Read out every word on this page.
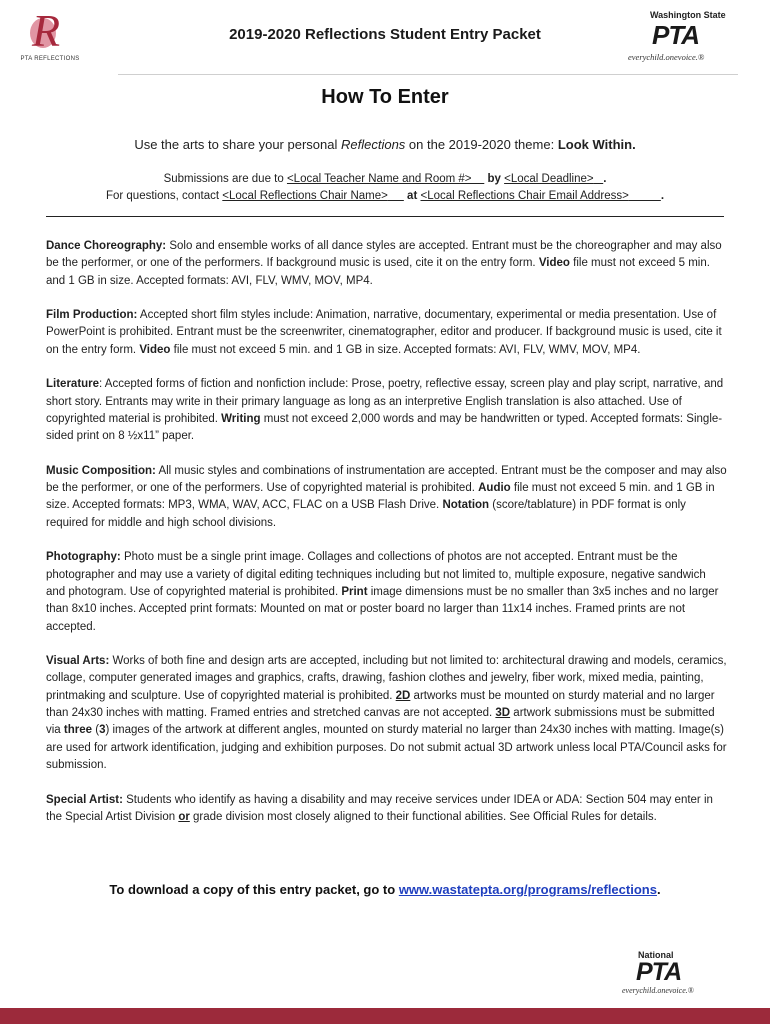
R
PTA REFLECTIONS
2019-2020 Reflections Student Entry Packet
Washington State
PTA
everychild.onevoice.®
How To Enter
Use the arts to share your personal Reflections on the 2019-2020 theme: Look Within.
Submissions are due to <Local Teacher Name and Room #> by <Local Deadline> .
For questions, contact <Local Reflections Chair Name> at <Local Reflections Chair Email Address>	.

Dance Choreography: Solo and ensemble works of all dance styles are accepted. Entrant must be the choreographer and may also be the performer, or one of the performers. If background music is used, cite it on the entry form. Video file must not exceed 5 min. and 1 GB in size. Accepted formats: AVI, FLV, WMV, MOV, MP4.

Film Production: Accepted short film styles include: Animation, narrative, documentary, experimental or media presentation. Use of PowerPoint is prohibited. Entrant must be the screenwriter, cinematographer, editor and producer. If background music is used, cite it on the entry form. Video file must not exceed 5 min. and 1 GB in size. Accepted formats: AVI, FLV, WMV, MOV, MP4.

Literature: Accepted forms of fiction and nonfiction include: Prose, poetry, reflective essay, screen play and play script, narrative, and short story. Entrants may write in their primary language as long as an interpretive English translation is also attached. Use of copyrighted material is prohibited. Writing must not exceed 2,000 words and may be handwritten or typed. Accepted formats: Single-sided print on 8 ½x11” paper.

Music Composition: All music styles and combinations of instrumentation are accepted. Entrant must be the composer and may also be the performer, or one of the performers. Use of copyrighted material is prohibited. Audio file must not exceed 5 min. and 1 GB in size. Accepted formats: MP3, WMA, WAV, ACC, FLAC on a USB Flash Drive. Notation (score/tablature) in PDF format is only required for middle and high school divisions.

Photography: Photo must be a single print image. Collages and collections of photos are not accepted. Entrant must be the photographer and may use a variety of digital editing techniques including but not limited to, multiple exposure, negative sandwich and photogram. Use of copyrighted material is prohibited. Print image dimensions must be no smaller than 3x5 inches and no larger than 8x10 inches. Accepted print formats: Mounted on mat or poster board no larger than 11x14 inches. Framed prints are not accepted.

Visual Arts: Works of both fine and design arts are accepted, including but not limited to: architectural drawing and models, ceramics, collage, computer generated images and graphics, crafts, drawing, fashion clothes and jewelry, fiber work, mixed media, painting, printmaking and sculpture. Use of copyrighted material is prohibited. 2D artworks must be mounted on sturdy material and no larger than 24x30 inches with matting. Framed entries and stretched canvas are not accepted. 3D artwork submissions must be submitted via three (3) images of the artwork at different angles, mounted on sturdy material no larger than 24x30 inches with matting. Image(s) are used for artwork identification, judging and exhibition purposes. Do not submit actual 3D artwork unless local PTA/Council asks for submission.

Special Artist: Students who identify as having a disability and may receive services under IDEA or ADA: Section 504 may enter in the Special Artist Division or grade division most closely aligned to their functional abilities. See Official Rules for details.

To download a copy of this entry packet, go to www.wastatepta.org/programs/reflections.
National
PTA
everychild.onevoice.®
